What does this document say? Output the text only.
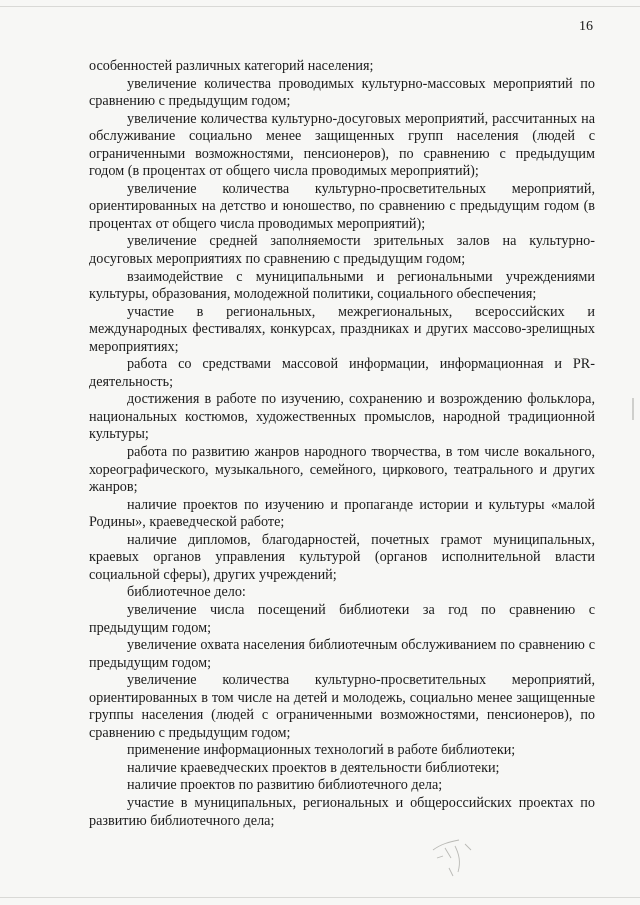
16

особенностей различных категорий населения;

увеличение количества проводимых культурно-массовых мероприятий по сравнению с предыдущим годом;

увеличение количества культурно-досуговых мероприятий, рассчитанных на обслуживание социально менее защищенных групп населения (людей с ограниченными возможностями, пенсионеров), по сравнению с предыдущим годом (в процентах от общего числа проводимых мероприятий);

увеличение количества культурно-просветительных мероприятий, ориентированных на детство и юношество, по сравнению с предыдущим годом (в процентах от общего числа проводимых мероприятий);

увеличение средней заполняемости зрительных залов на культурно-досуговых мероприятиях по сравнению с предыдущим годом;

взаимодействие с муниципальными и региональными учреждениями культуры, образования, молодежной политики, социального обеспечения;

участие в региональных, межрегиональных, всероссийских и международных фестивалях, конкурсах, праздниках и других массово-зрелищных мероприятиях;

работа со средствами массовой информации, информационная и PR-деятельность;

достижения в работе по изучению, сохранению и возрождению фольклора, национальных костюмов, художественных промыслов, народной традиционной культуры;

работа по развитию жанров народного творчества, в том числе вокального, хореографического, музыкального, семейного, циркового, театрального и других жанров;

наличие проектов по изучению и пропаганде истории и культуры «малой Родины», краеведческой работе;

наличие дипломов, благодарностей, почетных грамот муниципальных, краевых органов управления культурой (органов исполнительной власти социальной сферы), других учреждений;

библиотечное дело:

увеличение числа посещений библиотеки за год по сравнению с предыдущим годом;

увеличение охвата населения библиотечным обслуживанием по сравнению с предыдущим годом;

увеличение количества культурно-просветительных мероприятий, ориентированных в том числе на детей и молодежь, социально менее защищенные группы населения (людей с ограниченными возможностями, пенсионеров), по сравнению с предыдущим годом;

применение информационных технологий в работе библиотеки;

наличие краеведческих проектов в деятельности библиотеки;

наличие проектов по развитию библиотечного дела;

участие в муниципальных, региональных и общероссийских проектах по развитию библиотечного дела;
